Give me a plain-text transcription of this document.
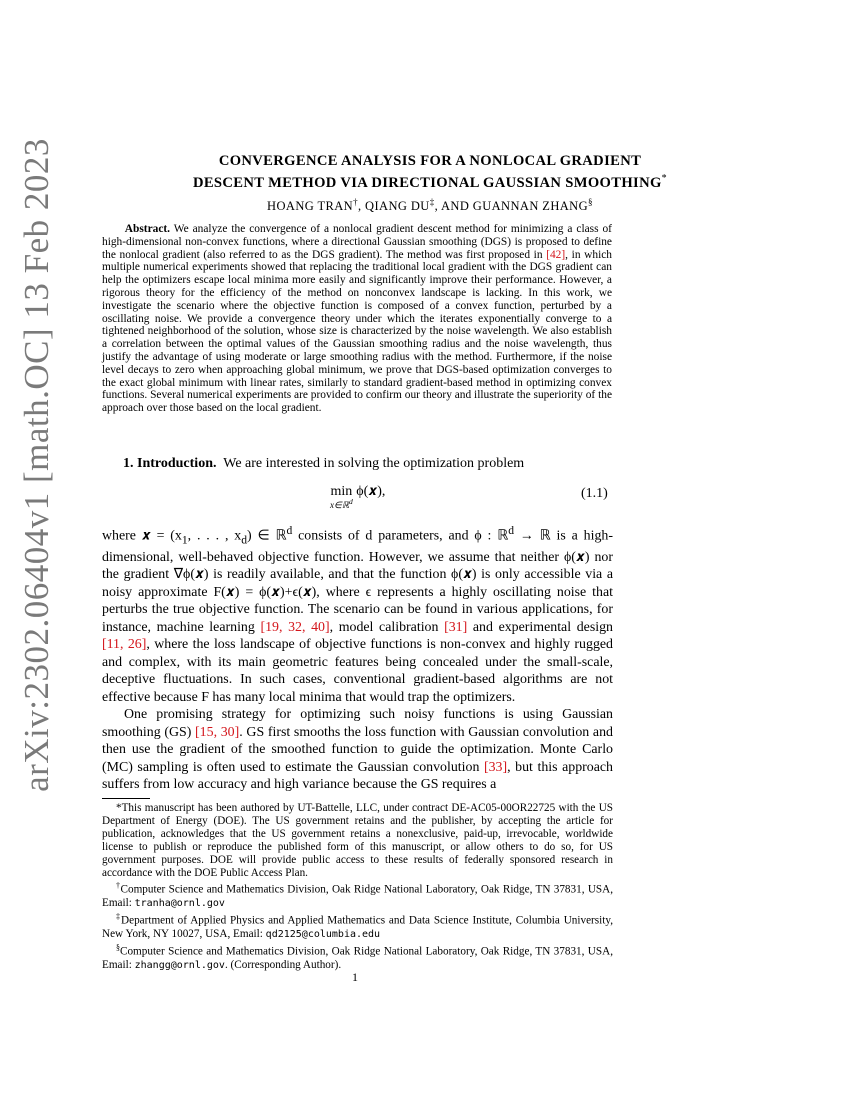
arXiv:2302.06404v1 [math.OC] 13 Feb 2023	CONVERGENCE ANALYSIS FOR A NONLOCAL GRADIENT
DESCENT METHOD VIA DIRECTIONAL GAUSSIAN SMOOTHING*
HOANG TRAN†, QIANG DU‡, AND GUANNAN ZHANG§
  Abstract. We analyze the convergence of a nonlocal gradient descent method for minimizing a class of high-dimensional non-convex functions, where a directional Gaussian smoothing (DGS) is proposed to define the nonlocal gradient (also referred to as the DGS gradient). The method was first proposed in [42], in which multiple numerical experiments showed that replacing the traditional local gradient with the DGS gradient can help the optimizers escape local minima more easily and significantly improve their performance. However, a rigorous theory for the efficiency of the method on nonconvex landscape is lacking. In this work, we investigate the scenario where the objective function is composed of a convex function, perturbed by a oscillating noise. We provide a convergence theory under which the iterates exponentially converge to a tightened neighborhood of the solution, whose size is characterized by the noise wavelength. We also establish a correlation between the optimal values of the Gaussian smoothing radius and the noise wavelength, thus justify the advantage of using moderate or large smoothing radius with the method. Furthermore, if the noise level decays to zero when approaching global minimum, we prove that DGS-based optimization converges to the exact global minimum with linear rates, similarly to standard gradient-based method in optimizing convex functions. Several numerical experiments are provided to confirm our theory and illustrate the superiority of the approach over those based on the local gradient.
1. Introduction. We are interested in solving the optimization problem
min
x∈ℝ$^d$
ϕ(𝒙),	(1.1)

where 𝒙 = ($x_1$, . . . , $x_d$) ∈ ℝ$^d$ consists of d parameters, and ϕ : ℝ$^d$ → ℝ is a high-dimensional, well-behaved objective function. However, we assume that neither ϕ(𝒙) nor the gradient ∇ϕ(𝒙) is readily available, and that the function ϕ(𝒙) is only accessible via a noisy approximate F(𝒙) = ϕ(𝒙)+ϵ(𝒙), where ϵ represents a highly oscillating noise that perturbs the true objective function. The scenario can be found in various applications, for instance, machine learning [19, 32, 40], model calibration [31] and experimental design [11, 26], where the loss landscape of objective functions is non-convex and highly rugged and complex, with its main geometric features being concealed under the small-scale, deceptive fluctuations. In such cases, conventional gradient-based algorithms are not effective because F has many local minima that would trap the optimizers.

One promising strategy for optimizing such noisy functions is using Gaussian smoothing (GS) [15, 30]. GS first smooths the loss function with Gaussian convolution and then use the gradient of the smoothed function to guide the optimization. Monte Carlo (MC) sampling is often used to estimate the Gaussian convolution [33], but this approach suffers from low accuracy and high variance because the GS requires a

*This manuscript has been authored by UT-Battelle, LLC, under contract DE-AC05-00OR22725 with the US Department of Energy (DOE). The US government retains and the publisher, by accepting the article for publication, acknowledges that the US government retains a nonexclusive, paid-up, irrevocable, worldwide license to publish or reproduce the published form of this manuscript, or allow others to do so, for US government purposes. DOE will provide public access to these results of federally sponsored research in accordance with the DOE Public Access Plan.

†Computer Science and Mathematics Division, Oak Ridge National Laboratory, Oak Ridge, TN 37831, USA, Email: tranha@ornl.gov

‡Department of Applied Physics and Applied Mathematics and Data Science Institute, Columbia University, New York, NY 10027, USA, Email: qd2125@columbia.edu

§Computer Science and Mathematics Division, Oak Ridge National Laboratory, Oak Ridge, TN 37831, USA, Email: zhangg@ornl.gov. (Corresponding Author).

1
